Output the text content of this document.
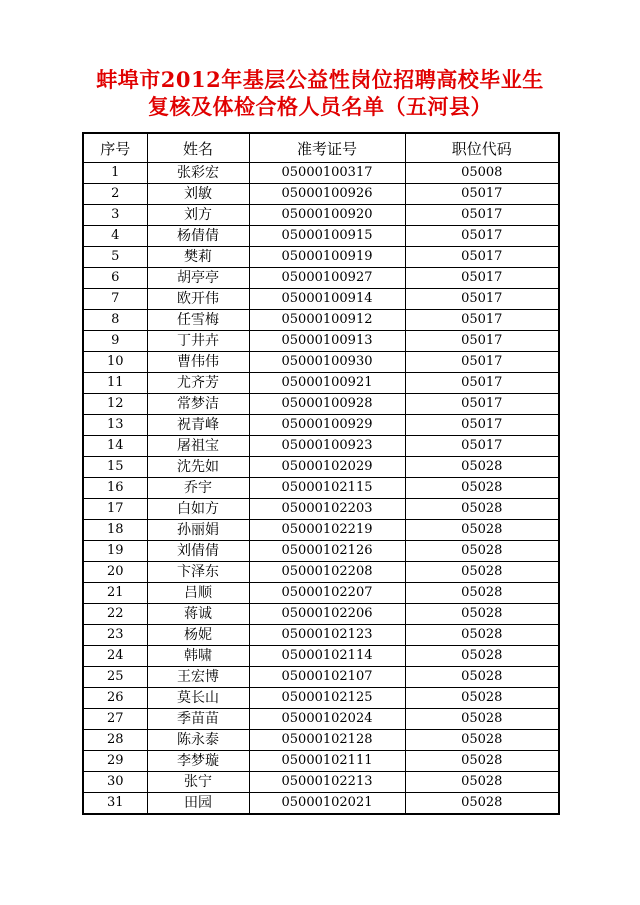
蚌埠市2012年基层公益性岗位招聘高校毕业生
复核及体检合格人员名单（五河县）
序号	姓名	准考证号	职位代码
1	张彩宏	05000100317	05008
2	刘敏	05000100926	05017
3	刘方	05000100920	05017
4	杨倩倩	05000100915	05017
5	樊莉	05000100919	05017
6	胡亭亭	05000100927	05017
7	欧开伟	05000100914	05017
8	任雪梅	05000100912	05017
9	丁井卉	05000100913	05017
10	曹伟伟	05000100930	05017
11	尤齐芳	05000100921	05017
12	常梦洁	05000100928	05017
13	祝青峰	05000100929	05017
14	屠祖宝	05000100923	05017
15	沈先如	05000102029	05028
16	乔宇	05000102115	05028
17	白如方	05000102203	05028
18	孙丽娟	05000102219	05028
19	刘倩倩	05000102126	05028
20	卞泽东	05000102208	05028
21	吕顺	05000102207	05028
22	蒋诚	05000102206	05028
23	杨妮	05000102123	05028
24	韩啸	05000102114	05028
25	王宏博	05000102107	05028
26	莫长山	05000102125	05028
27	季苗苗	05000102024	05028
28	陈永泰	05000102128	05028
29	李梦璇	05000102111	05028
30	张宁	05000102213	05028
31	田园	05000102021	05028
